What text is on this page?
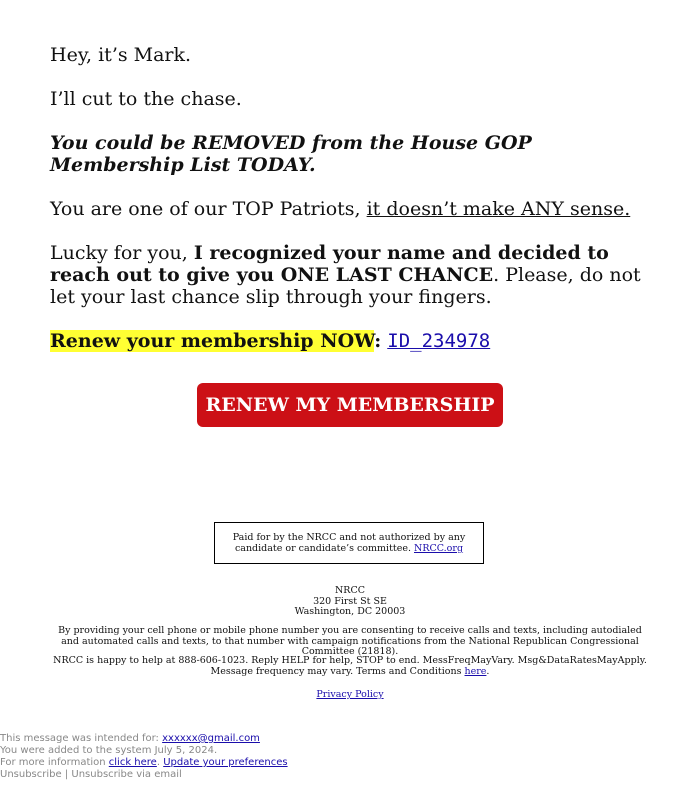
Hey, it’s Mark.

I’ll cut to the chase.

You could be REMOVED from the House GOP
Membership List TODAY.

You are one of our TOP Patriots, it doesn’t make ANY sense.

Lucky for you, I recognized your name and decided to reach out to give you ONE LAST CHANCE. Please, do not let your last chance slip through your fingers.

Renew your membership NOW: ID_234978

RENEW MY MEMBERSHIP
Paid for by the NRCC and not authorized by any candidate or candidate’s committee. NRCC.org
NRCC
320 First St SE
Washington, DC 20003
By providing your cell phone or mobile phone number you are consenting to receive calls and texts, including autodialed and automated calls and texts, to that number with campaign notifications from the National Republican Congressional Committee (21818).
NRCC is happy to help at 888-606-1023. Reply HELP for help, STOP to end. MessFreqMayVary. Msg&DataRatesMayApply. Message frequency may vary. Terms and Conditions here.
Privacy Policy
This message was intended for: xxxxxx@gmail.com
You were added to the system July 5, 2024.
For more information click here. Update your preferences
Unsubscribe | Unsubscribe via email
